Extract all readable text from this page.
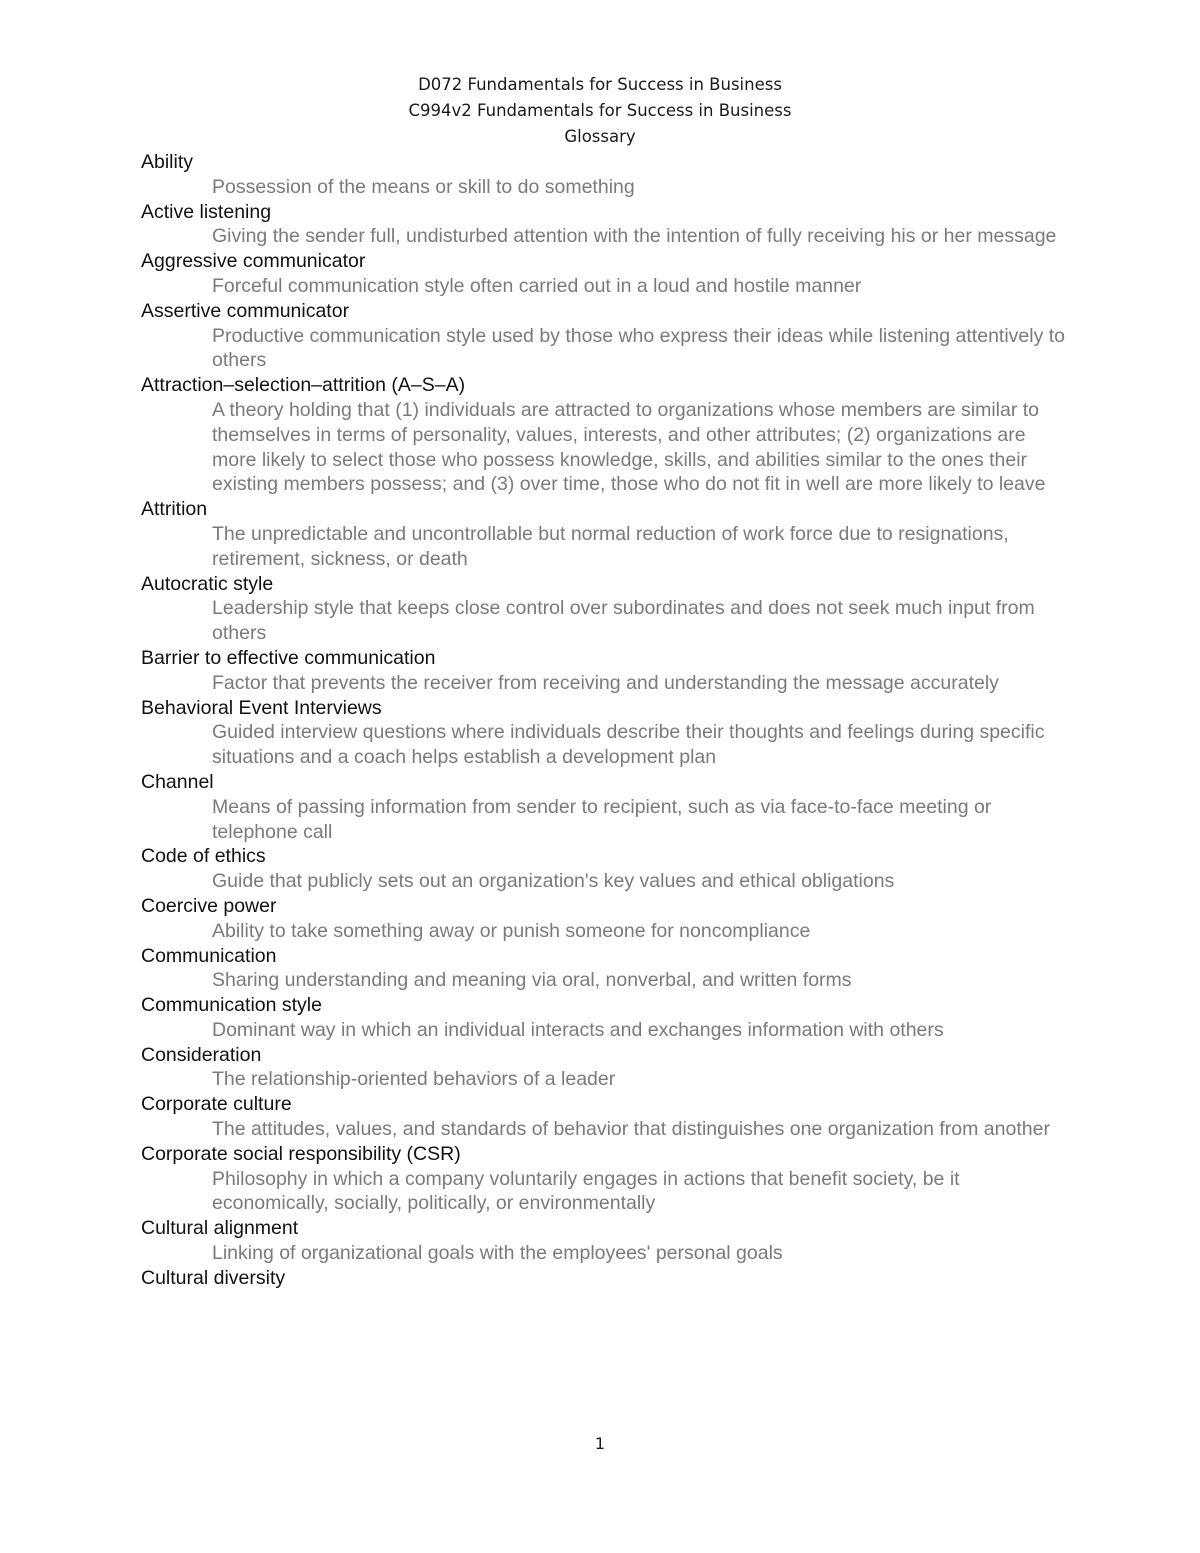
D072 Fundamentals for Success in Business
C994v2 Fundamentals for Success in Business
Glossary
Ability
Possession of the means or skill to do something
Active listening
Giving the sender full, undisturbed attention with the intention of fully receiving his or her message
Aggressive communicator
Forceful communication style often carried out in a loud and hostile manner
Assertive communicator
Productive communication style used by those who express their ideas while listening attentively to others
Attraction–selection–attrition (A–S–A)
A theory holding that (1) individuals are attracted to organizations whose members are similar to themselves in terms of personality, values, interests, and other attributes; (2) organizations are more likely to select those who possess knowledge, skills, and abilities similar to the ones their existing members possess; and (3) over time, those who do not fit in well are more likely to leave
Attrition
The unpredictable and uncontrollable but normal reduction of work force due to resignations, retirement, sickness, or death
Autocratic style
Leadership style that keeps close control over subordinates and does not seek much input from others
Barrier to effective communication
Factor that prevents the receiver from receiving and understanding the message accurately
Behavioral Event Interviews
Guided interview questions where individuals describe their thoughts and feelings during specific situations and a coach helps establish a development plan
Channel
Means of passing information from sender to recipient, such as via face-to-face meeting or telephone call
Code of ethics
Guide that publicly sets out an organization's key values and ethical obligations
Coercive power
Ability to take something away or punish someone for noncompliance
Communication
Sharing understanding and meaning via oral, nonverbal, and written forms
Communication style
Dominant way in which an individual interacts and exchanges information with others
Consideration
The relationship-oriented behaviors of a leader
Corporate culture
The attitudes, values, and standards of behavior that distinguishes one organization from another
Corporate social responsibility (CSR)
Philosophy in which a company voluntarily engages in actions that benefit society, be it economically, socially, politically, or environmentally
Cultural alignment
Linking of organizational goals with the employees' personal goals
Cultural diversity
1
